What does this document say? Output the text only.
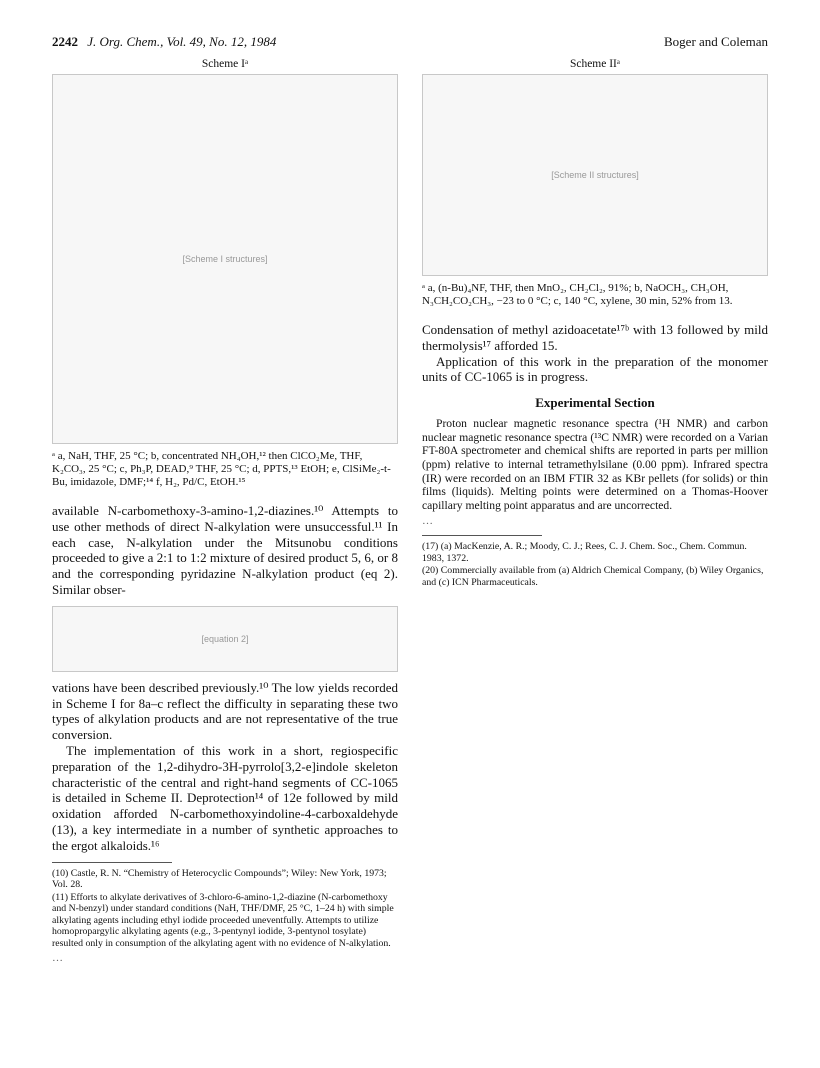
2242 J. Org. Chem., Vol. 49, No. 12, 1984	Boger and Coleman
Scheme Iᵃ
[Scheme I structures]

ᵃ a, NaH, THF, 25 °C; b, concentrated NH₄OH,¹² then ClCO₂Me, THF, K₂CO₃, 25 °C; c, Ph₃P, DEAD,⁹ THF, 25 °C; d, PPTS,¹³ EtOH; e, ClSiMe₂-t-Bu, imidazole, DMF;¹⁴ f, H₂, Pd/C, EtOH.¹⁵

available N-carbomethoxy-3-amino-1,2-diazines.¹⁰ Attempts to use other methods of direct N-alkylation were unsuccessful.¹¹ In each case, N-alkylation under the Mitsunobu conditions proceeded to give a 2:1 to 1:2 mixture of desired product 5, 6, or 8 and the corresponding pyridazine N-alkylation product (eq 2). Similar obser-

[equation 2]

vations have been described previously.¹⁰ The low yields recorded in Scheme I for 8a–c reflect the difficulty in separating these two types of alkylation products and are not representative of the true conversion.

The implementation of this work in a short, regiospecific preparation of the 1,2-dihydro-3H-pyrrolo[3,2-e]indole skeleton characteristic of the central and right-hand segments of CC-1065 is detailed in Scheme II. Deprotection¹⁴ of 12e followed by mild oxidation afforded N-carbomethoxyindoline-4-carboxaldehyde (13), a key intermediate in a number of synthetic approaches to the ergot alkaloids.¹⁶

(10) Castle, R. N. “Chemistry of Heterocyclic Compounds”; Wiley: New York, 1973; Vol. 28.

(11) Efforts to alkylate derivatives of 3-chloro-6-amino-1,2-diazine (N-carbomethoxy and N-benzyl) under standard conditions (NaH, THF/DMF, 25 °C, 1–24 h) with simple alkylating agents including ethyl iodide proceeded uneventfully. Attempts to utilize homopropargylic alkylating agents (e.g., 3-pentynyl iodide, 3-pentynol tosylate) resulted only in consumption of the alkylating agent with no evidence of N-alkylation.

…

Scheme IIᵃ
[Scheme II structures]

ᵃ a, (n-Bu)₄NF, THF, then MnO₂, CH₂Cl₂, 91%; b, NaOCH₃, CH₃OH, N₃CH₂CO₂CH₃, −23 to 0 °C; c, 140 °C, xylene, 30 min, 52% from 13.

Condensation of methyl azidoacetate¹⁷ᵇ with 13 followed by mild thermolysis¹⁷ afforded 15.

Application of this work in the preparation of the monomer units of CC-1065 is in progress.

Experimental Section

Proton nuclear magnetic resonance spectra (¹H NMR) and carbon nuclear magnetic resonance spectra (¹³C NMR) were recorded on a Varian FT-80A spectrometer and chemical shifts are reported in parts per million (ppm) relative to internal tetramethylsilane (0.00 ppm). Infrared spectra (IR) were recorded on an IBM FTIR 32 as KBr pellets (for solids) or thin films (liquids). Melting points were determined on a Thomas-Hoover capillary melting point apparatus and are uncorrected.

…

(17) (a) MacKenzie, A. R.; Moody, C. J.; Rees, C. J. Chem. Soc., Chem. Commun. 1983, 1372.

(20) Commercially available from (a) Aldrich Chemical Company, (b) Wiley Organics, and (c) ICN Pharmaceuticals.
